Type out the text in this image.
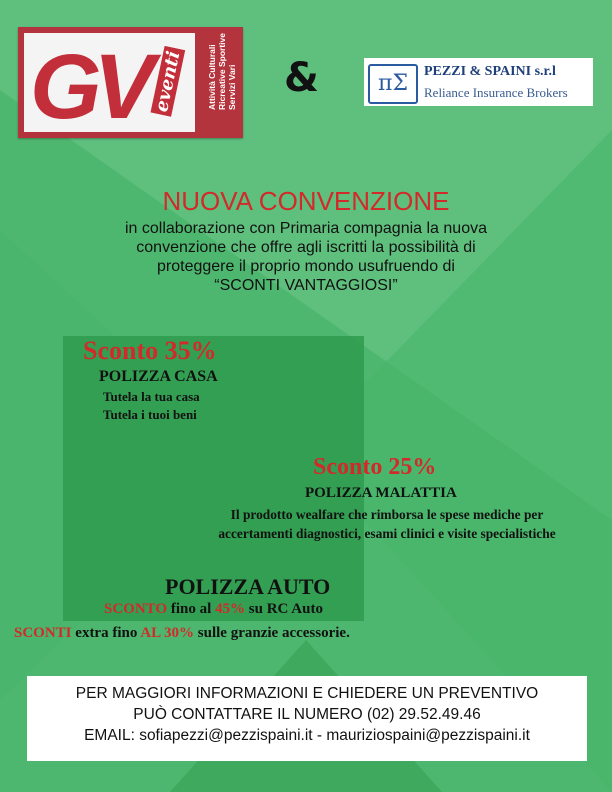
GV eventi	Attività Culturali Ricreative Sportive Servizi Vari &	πΣ	PEZZI & SPAINI s.r.l
Reliance Insurance Brokers
NUOVA CONVENZIONE
in collaborazione con Primaria compagnia la nuova
convenzione che offre agli iscritti la possibilità di
proteggere il proprio mondo usufruendo di
“SCONTI VANTAGGIOSI”
Sconto 35%
POLIZZA CASA
Tutela la tua casa
Tutela i tuoi beni
Sconto 25%
POLIZZA MALATTIA
Il prodotto wealfare che rimborsa le spese mediche per
accertamenti diagnostici, esami clinici e visite specialistiche
POLIZZA AUTO
SCONTO fino al 45% su RC Auto
SCONTI extra fino AL 30% sulle granzie accessorie.
PER MAGGIORI INFORMAZIONI E CHIEDERE UN PREVENTIVO
PUÒ CONTATTARE IL NUMERO (02) 29.52.49.46
EMAIL: sofiapezzi@pezzispaini.it - mauriziospaini@pezzispaini.it
